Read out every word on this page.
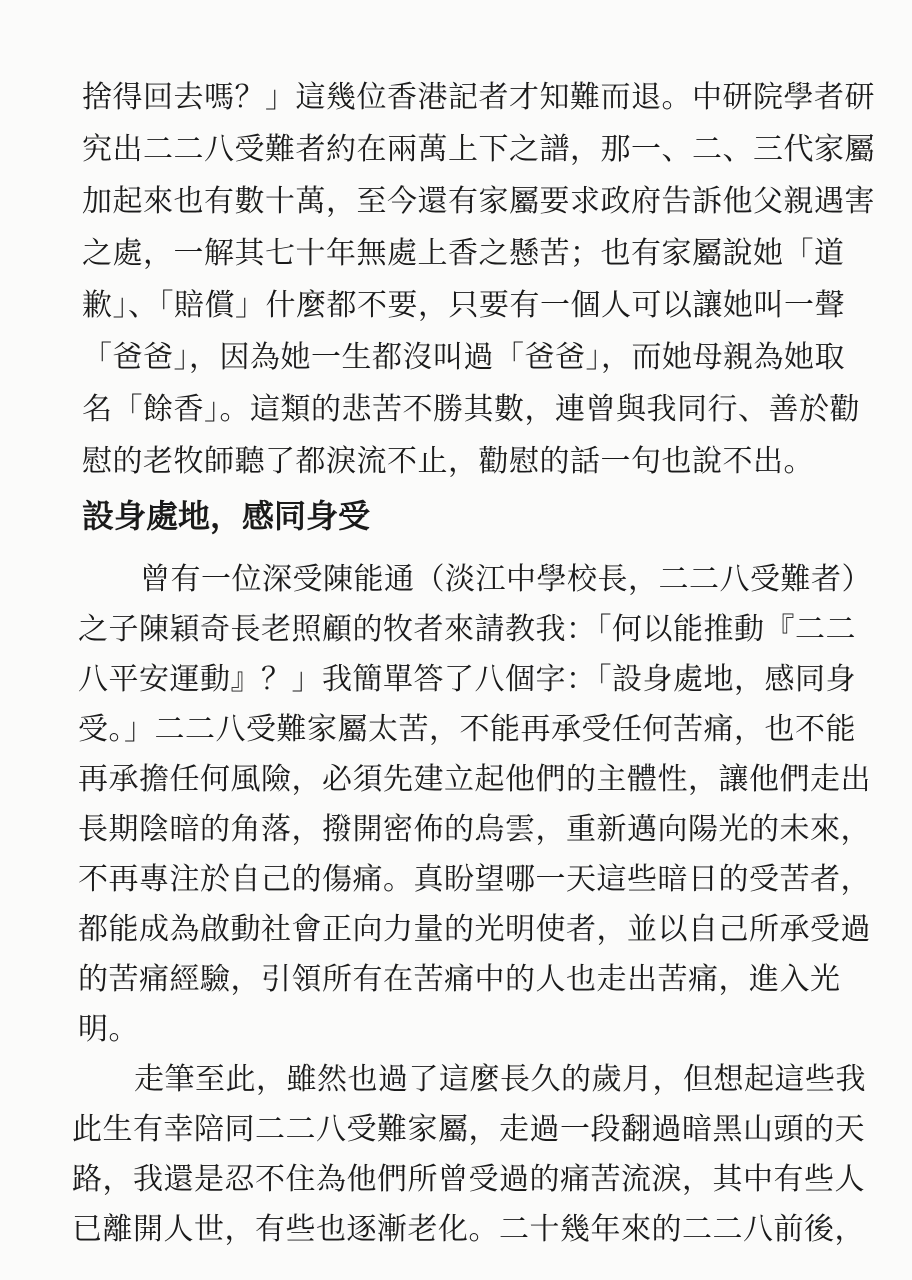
捨得回去嗎？」這幾位香港記者才知難而退。中研院學者研
究出二二八受難者約在兩萬上下之譜，那一、二、三代家屬
加起來也有數十萬，至今還有家屬要求政府告訴他父親遇害
之處，一解其七十年無處上香之懸苦；也有家屬說她「道
歉」、「賠償」什麼都不要，只要有一個人可以讓她叫一聲
「爸爸」，因為她一生都沒叫過「爸爸」，而她母親為她取
名「餘香」。這類的悲苦不勝其數，連曾與我同行、善於勸
慰的老牧師聽了都淚流不止，勸慰的話一句也說不出。
設身處地，感同身受
曾有一位深受陳能通（淡江中學校長，二二八受難者）
之子陳穎奇長老照顧的牧者來請教我：「何以能推動『二二
八平安運動』？」我簡單答了八個字：「設身處地，感同身
受。」二二八受難家屬太苦，不能再承受任何苦痛，也不能
再承擔任何風險，必須先建立起他們的主體性，讓他們走出
長期陰暗的角落，撥開密佈的烏雲，重新邁向陽光的未來，
不再專注於自己的傷痛。真盼望哪一天這些暗日的受苦者，
都能成為啟動社會正向力量的光明使者，並以自己所承受過
的苦痛經驗，引領所有在苦痛中的人也走出苦痛，進入光
明。
走筆至此，雖然也過了這麼長久的歲月，但想起這些我
此生有幸陪同二二八受難家屬，走過一段翻過暗黑山頭的天
路，我還是忍不住為他們所曾受過的痛苦流淚，其中有些人
已離開人世，有些也逐漸老化。二十幾年來的二二八前後，
